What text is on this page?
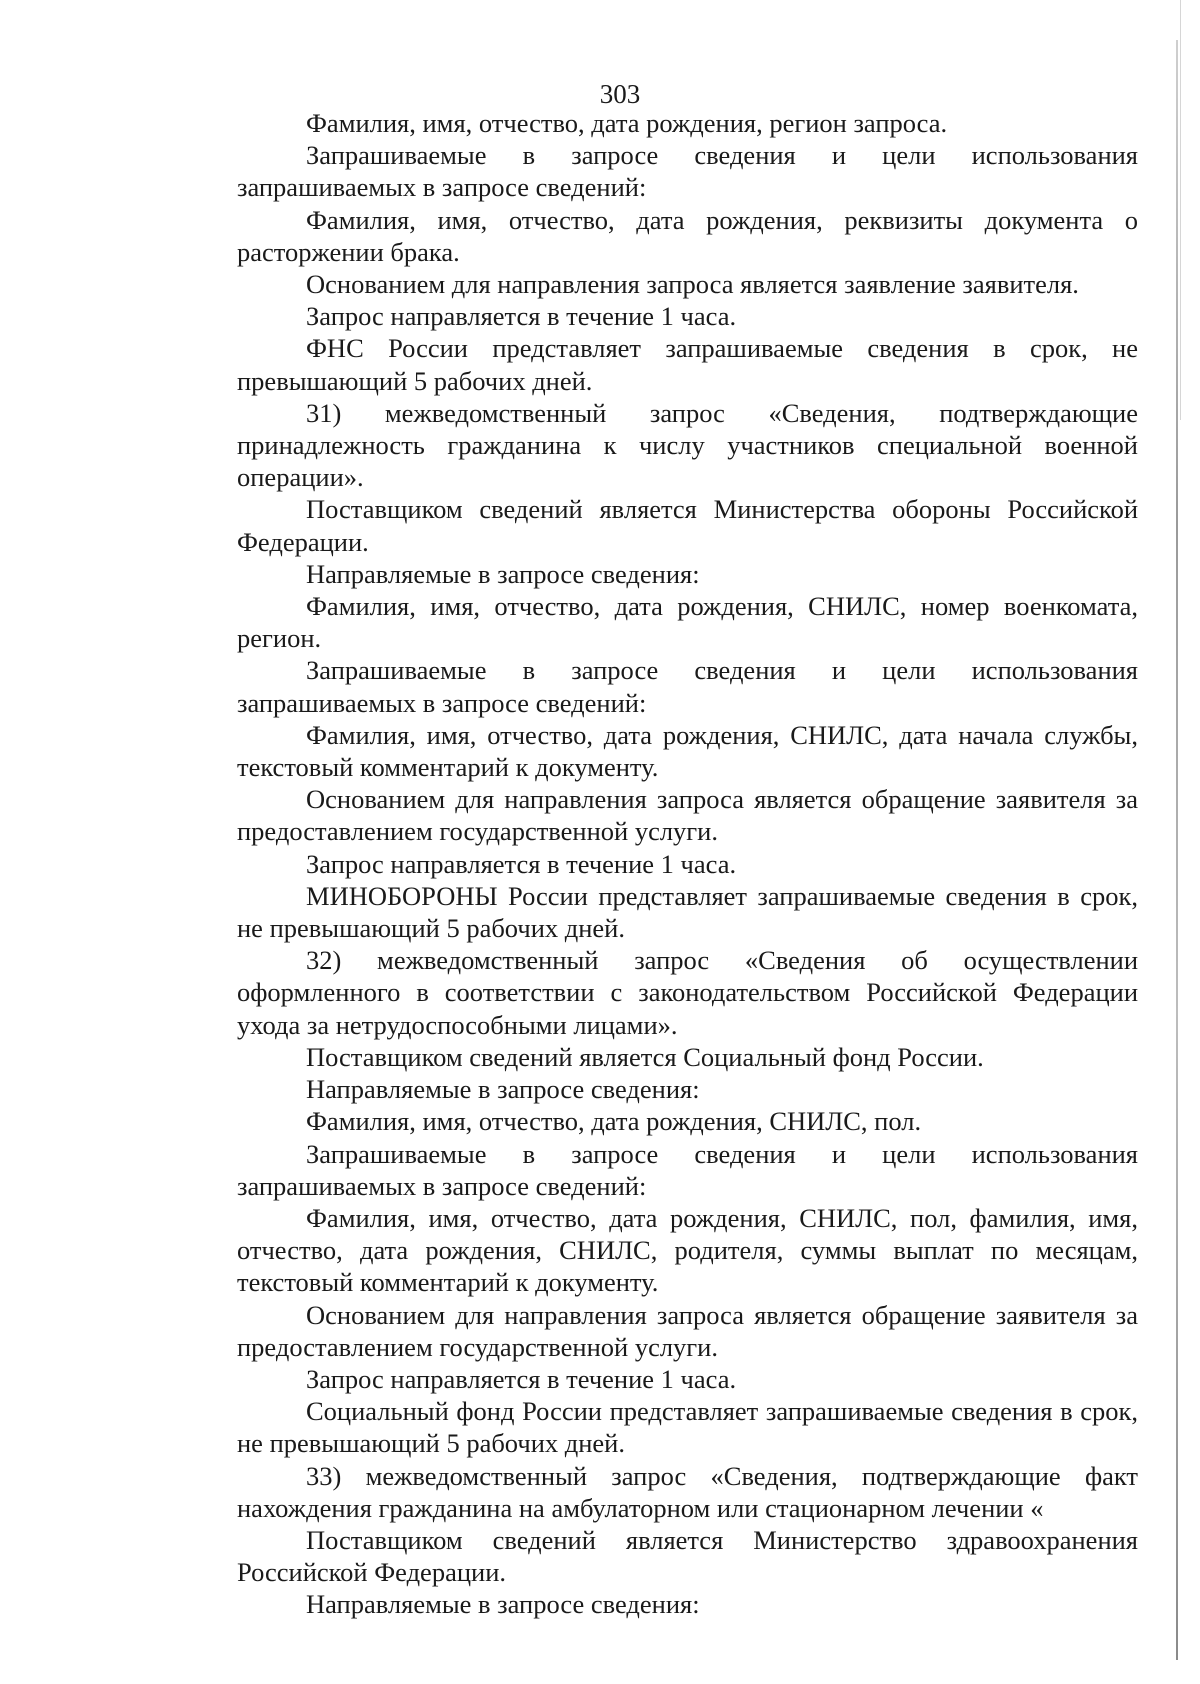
303

Фамилия, имя, отчество, дата рождения, регион запроса.

Запрашиваемые в запросе сведения и цели использования запрашиваемых в запросе сведений:

Фамилия, имя, отчество, дата рождения, реквизиты документа о расторжении брака.

Основанием для направления запроса является заявление заявителя.

Запрос направляется в течение 1 часа.

ФНС России представляет запрашиваемые сведения в срок, не превышающий 5 рабочих дней.

31) межведомственный запрос «Сведения, подтверждающие принадлежность гражданина к числу участников специальной военной операции».

Поставщиком сведений является Министерства обороны Российской Федерации.

Направляемые в запросе сведения:

Фамилия, имя, отчество, дата рождения, СНИЛС, номер военкомата, регион.

Запрашиваемые в запросе сведения и цели использования запрашиваемых в запросе сведений:

Фамилия, имя, отчество, дата рождения, СНИЛС, дата начала службы, текстовый комментарий к документу.

Основанием для направления запроса является обращение заявителя за предоставлением государственной услуги.

Запрос направляется в течение 1 часа.

МИНОБОРОНЫ России представляет запрашиваемые сведения в срок, не превышающий 5 рабочих дней.

32) межведомственный запрос «Сведения об осуществлении оформленного в соответствии с законодательством Российской Федерации ухода за нетрудоспособными лицами».

Поставщиком сведений является Социальный фонд России.

Направляемые в запросе сведения:

Фамилия, имя, отчество, дата рождения, СНИЛС, пол.

Запрашиваемые в запросе сведения и цели использования запрашиваемых в запросе сведений:

Фамилия, имя, отчество, дата рождения, СНИЛС, пол, фамилия, имя, отчество, дата рождения, СНИЛС, родителя, суммы выплат по месяцам, текстовый комментарий к документу.

Основанием для направления запроса является обращение заявителя за предоставлением государственной услуги.

Запрос направляется в течение 1 часа.

Социальный фонд России представляет запрашиваемые сведения в срок, не превышающий 5 рабочих дней.

33) межведомственный запрос «Сведения, подтверждающие факт нахождения гражданина на амбулаторном или стационарном лечении «

Поставщиком сведений является Министерство здравоохранения Российской Федерации.

Направляемые в запросе сведения:
